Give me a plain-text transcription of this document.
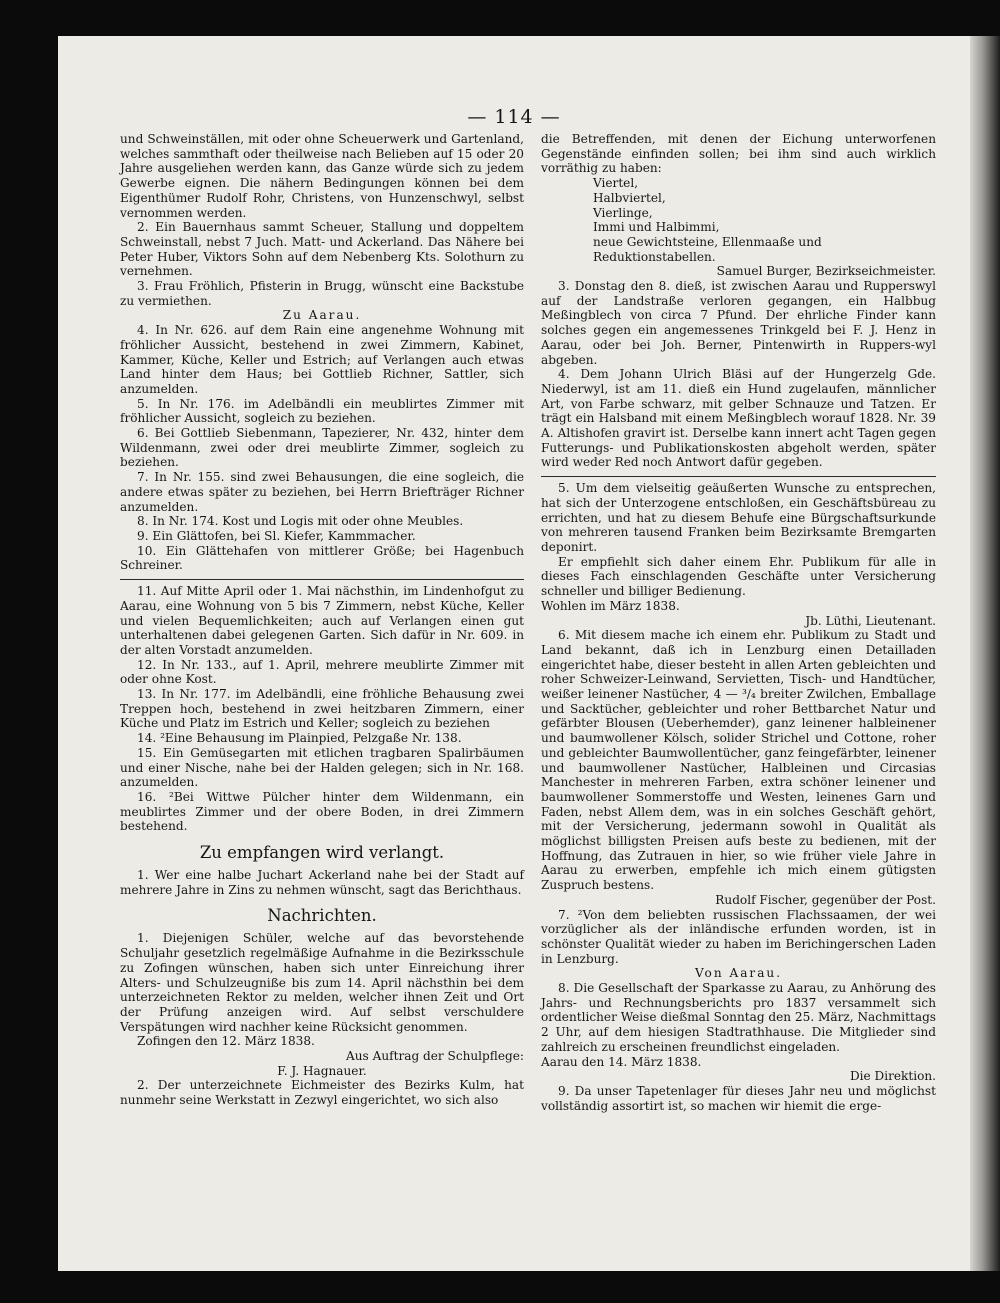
— 114 —

und Schweinställen, mit oder ohne Scheuerwerk und Gartenland, welches sammthaft oder theilweise nach Belieben auf 15 oder 20 Jahre ausgeliehen werden kann, das Ganze würde sich zu jedem Gewerbe eignen. Die nähern Bedingungen können bei dem Eigenthümer Rudolf Rohr, Christens, von Hunzenschwyl, selbst vernommen werden.

2. Ein Bauernhaus sammt Scheuer, Stallung und doppeltem Schweinstall, nebst 7 Juch. Matt- und Ackerland. Das Nähere bei Peter Huber, Viktors Sohn auf dem Nebenberg Kts. Solothurn zu vernehmen.

3. Frau Fröhlich, Pfisterin in Brugg, wünscht eine Backstube zu vermiethen.

Zu Aarau.

4. In Nr. 626. auf dem Rain eine angenehme Wohnung mit fröhlicher Aussicht, bestehend in zwei Zimmern, Kabinet, Kammer, Küche, Keller und Estrich; auf Verlangen auch etwas Land hinter dem Haus; bei Gottlieb Richner, Sattler, sich anzumelden.

5. In Nr. 176. im Adelbändli ein meublirtes Zimmer mit fröhlicher Aussicht, sogleich zu beziehen.

6. Bei Gottlieb Siebenmann, Tapezierer, Nr. 432, hinter dem Wildenmann, zwei oder drei meublirte Zimmer, sogleich zu beziehen.

7. In Nr. 155. sind zwei Behausungen, die eine sogleich, die andere etwas später zu beziehen, bei Herrn Briefträger Richner anzumelden.

8. In Nr. 174. Kost und Logis mit oder ohne Meubles.

9. Ein Glättofen, bei Sl. Kiefer, Kammmacher.

10. Ein Glättehafen von mittlerer Größe; bei Hagenbuch Schreiner.

11. Auf Mitte April oder 1. Mai nächsthin, im Lindenhofgut zu Aarau, eine Wohnung von 5 bis 7 Zimmern, nebst Küche, Keller und vielen Bequemlichkeiten; auch auf Verlangen einen gut unterhaltenen dabei gelegenen Garten. Sich dafür in Nr. 609. in der alten Vorstadt anzumelden.

12. In Nr. 133., auf 1. April, mehrere meublirte Zimmer mit oder ohne Kost.

13. In Nr. 177. im Adelbändli, eine fröhliche Behausung zwei Treppen hoch, bestehend in zwei heitzbaren Zimmern, einer Küche und Platz im Estrich und Keller; sogleich zu beziehen

14. ²Eine Behausung im Plainpied, Pelzgaße Nr. 138.

15. Ein Gemüsegarten mit etlichen tragbaren Spalirbäumen und einer Nische, nahe bei der Halden gelegen; sich in Nr. 168. anzumelden.

16. ²Bei Wittwe Pülcher hinter dem Wildenmann, ein meublirtes Zimmer und der obere Boden, in drei Zimmern bestehend.

Zu empfangen wird verlangt.

1. Wer eine halbe Juchart Ackerland nahe bei der Stadt auf mehrere Jahre in Zins zu nehmen wünscht, sagt das Berichthaus.

Nachrichten.

1. Diejenigen Schüler, welche auf das bevorstehende Schuljahr gesetzlich regelmäßige Aufnahme in die Bezirksschule zu Zofingen wünschen, haben sich unter Einreichung ihrer Alters- und Schulzeugniße bis zum 14. April nächsthin bei dem unterzeichneten Rektor zu melden, welcher ihnen Zeit und Ort der Prüfung anzeigen wird. Auf selbst verschuldere Verspätungen wird nachher keine Rücksicht genommen.

Zofingen den 12. März 1838.

Aus Auftrag der Schulpflege:

F. J. Hagnauer.

2. Der unterzeichnete Eichmeister des Bezirks Kulm, hat nunmehr seine Werkstatt in Zezwyl eingerichtet, wo sich also

die Betreffenden, mit denen der Eichung unterworfenen Gegenstände einfinden sollen; bei ihm sind auch wirklich vorräthig zu haben:

Viertel,

Halbviertel,

Vierlinge,

Immi und Halbimmi,

neue Gewichtsteine, Ellenmaaße und Reduktionstabellen.

Samuel Burger, Bezirkseichmeister.

3. Donstag den 8. dieß, ist zwischen Aarau und Rupperswyl auf der Landstraße verloren gegangen, ein Halbbug Meßingblech von circa 7 Pfund. Der ehrliche Finder kann solches gegen ein angemessenes Trinkgeld bei F. J. Henz in Aarau, oder bei Joh. Berner, Pintenwirth in Ruppers-wyl abgeben.

4. Dem Johann Ulrich Bläsi auf der Hungerzelg Gde. Niederwyl, ist am 11. dieß ein Hund zugelaufen, männlicher Art, von Farbe schwarz, mit gelber Schnauze und Tatzen. Er trägt ein Halsband mit einem Meßingblech worauf 1828. Nr. 39 A. Altishofen gravirt ist. Derselbe kann innert acht Tagen gegen Futterungs- und Publikationskosten abgeholt werden, später wird weder Red noch Antwort dafür gegeben.

5. Um dem vielseitig geäußerten Wunsche zu entsprechen, hat sich der Unterzogene entschloßen, ein Geschäftsbüreau zu errichten, und hat zu diesem Behufe eine Bürgschaftsurkunde von mehreren tausend Franken beim Bezirksamte Bremgarten deponirt.

Er empfiehlt sich daher einem Ehr. Publikum für alle in dieses Fach einschlagenden Geschäfte unter Versicherung schneller und billiger Bedienung.

Wohlen im März 1838.

Jb. Lüthi, Lieutenant.

6. Mit diesem mache ich einem ehr. Publikum zu Stadt und Land bekannt, daß ich in Lenzburg einen Detailladen eingerichtet habe, dieser besteht in allen Arten gebleichten und roher Schweizer-Leinwand, Servietten, Tisch- und Handtücher, weißer leinener Nastücher, 4 — ³/₄ breiter Zwilchen, Emballage und Sacktücher, gebleichter und roher Bettbarchet Natur und gefärbter Blousen (Ueberhemder), ganz leinener halbleinener und baumwollener Kölsch, solider Strichel und Cottone, roher und gebleichter Baumwollentücher, ganz feingefärbter, leinener und baumwollener Nastücher, Halbleinen und Circasias Manchester in mehreren Farben, extra schöner leinener und baumwollener Sommerstoffe und Westen, leinenes Garn und Faden, nebst Allem dem, was in ein solches Geschäft gehört, mit der Versicherung, jedermann sowohl in Qualität als möglichst billigsten Preisen aufs beste zu bedienen, mit der Hoffnung, das Zutrauen in hier, so wie früher viele Jahre in Aarau zu erwerben, empfehle ich mich einem gütigsten Zuspruch bestens.

Rudolf Fischer, gegenüber der Post.

7. ²Von dem beliebten russischen Flachssaamen, der wei vorzüglicher als der inländische erfunden worden, ist in schönster Qualität wieder zu haben im Berichingerschen Laden in Lenzburg.

Von Aarau.

8. Die Gesellschaft der Sparkasse zu Aarau, zu Anhörung des Jahrs- und Rechnungsberichts pro 1837 versammelt sich ordentlicher Weise dießmal Sonntag den 25. März, Nachmittags 2 Uhr, auf dem hiesigen Stadtrathhause. Die Mitglieder sind zahlreich zu erscheinen freundlichst eingeladen.

Aarau den 14. März 1838.

Die Direktion.

9. Da unser Tapetenlager für dieses Jahr neu und möglichst vollständig assortirt ist, so machen wir hiemit die erge-
